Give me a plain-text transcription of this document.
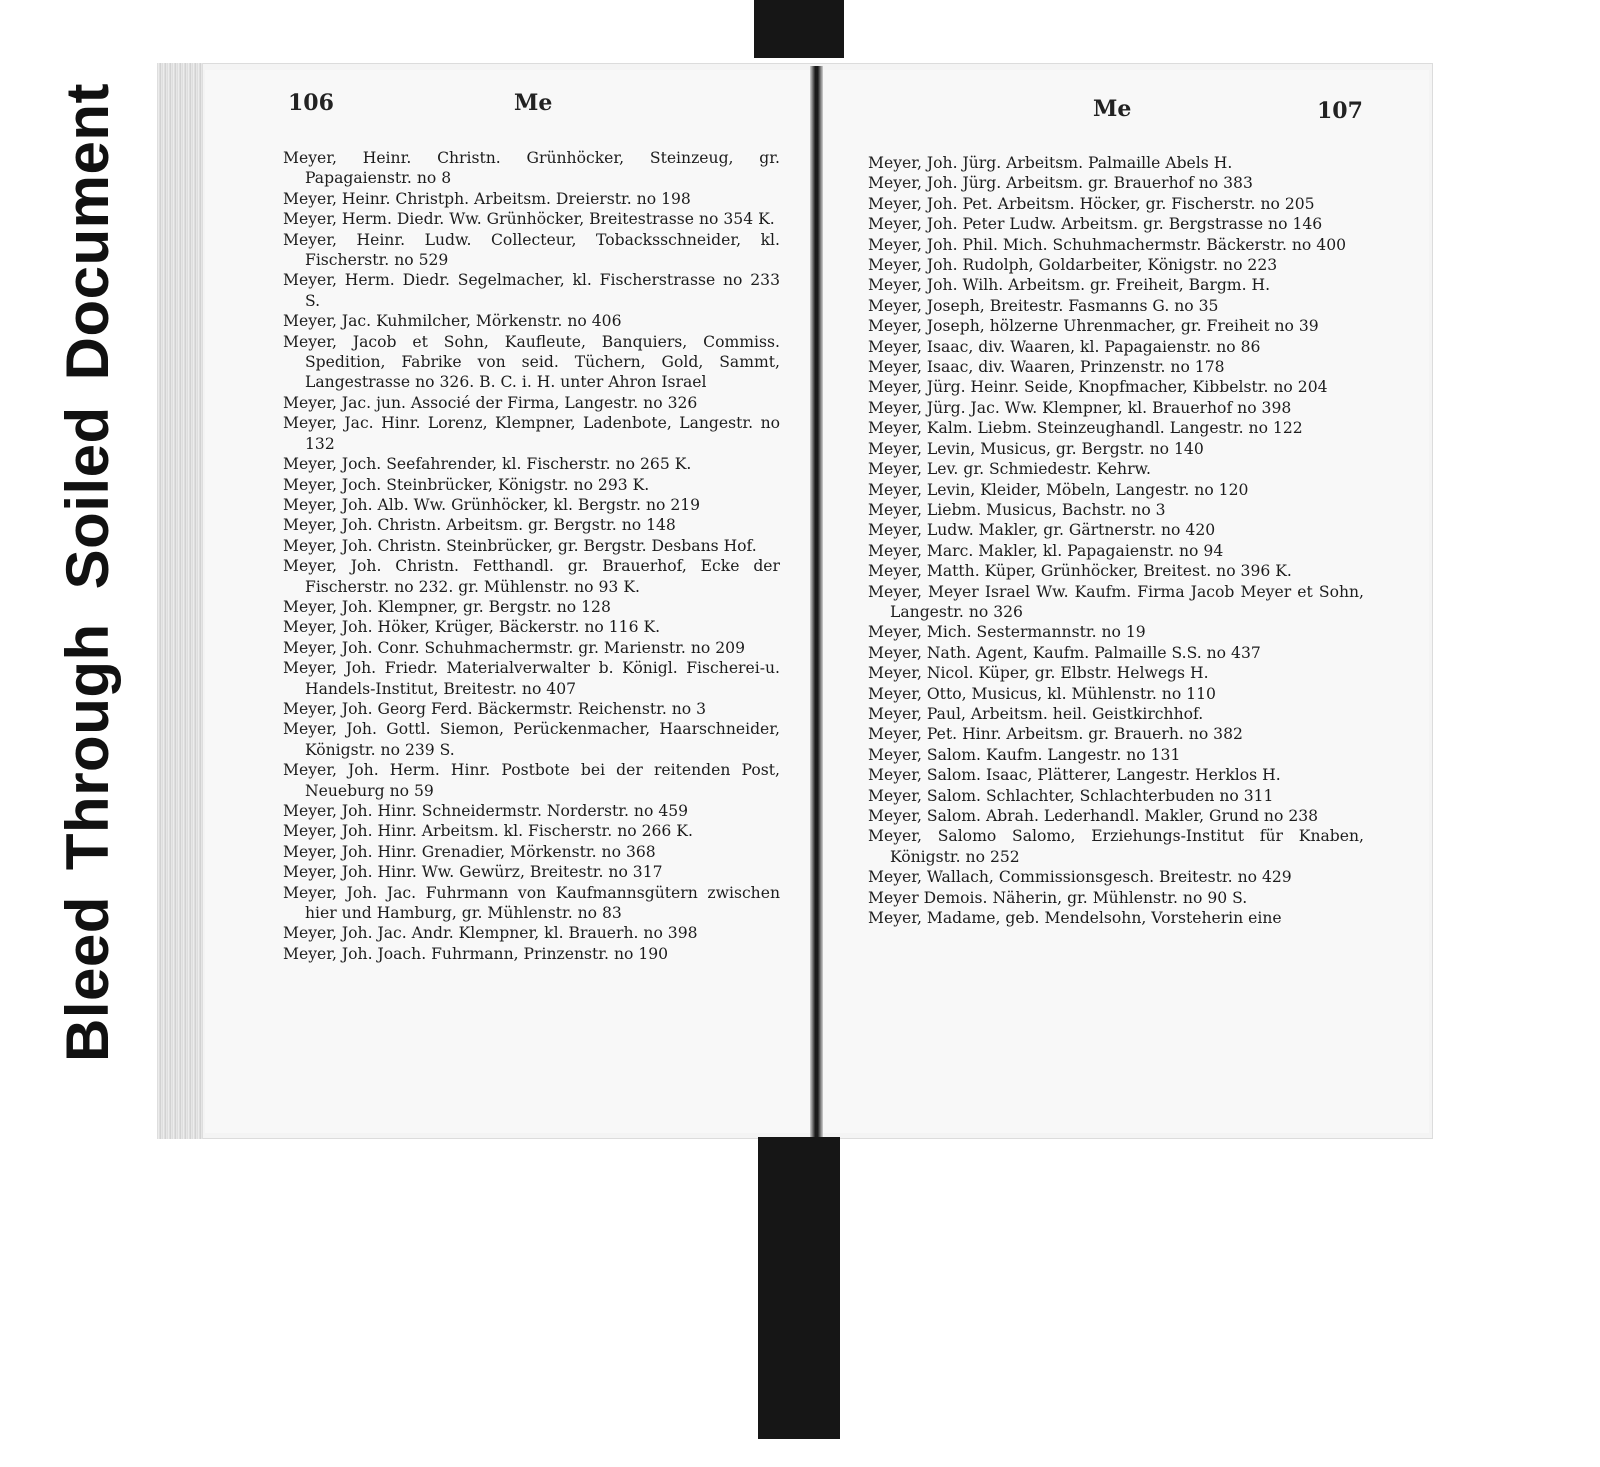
BleedThroughSoiledDocument	106	Me	Me	107
Meyer, Heinr. Christn. Grünhöcker, Steinzeug, gr. Papagaienstr. no 8
Meyer, Heinr. Christph. Arbeitsm. Dreierstr. no 198
Meyer, Herm. Diedr. Ww. Grünhöcker, Breitestrasse no 354 K.
Meyer, Heinr. Ludw. Collecteur, Tobacksschneider, kl. Fischerstr. no 529
Meyer, Herm. Diedr. Segelmacher, kl. Fischerstrasse no 233 S.
Meyer, Jac. Kuhmilcher, Mörkenstr. no 406
Meyer, Jacob et Sohn, Kaufleute, Banquiers, Commiss. Spedition, Fabrike von seid. Tüchern, Gold, Sammt, Langestrasse no 326. B. C. i. H. unter Ahron Israel
Meyer, Jac. jun. Associé der Firma, Langestr. no 326
Meyer, Jac. Hinr. Lorenz, Klempner, Ladenbote, Langestr. no 132
Meyer, Joch. Seefahrender, kl. Fischerstr. no 265 K.
Meyer, Joch. Steinbrücker, Königstr. no 293 K.
Meyer, Joh. Alb. Ww. Grünhöcker, kl. Bergstr. no 219
Meyer, Joh. Christn. Arbeitsm. gr. Bergstr. no 148
Meyer, Joh. Christn. Steinbrücker, gr. Bergstr. Desbans Hof.
Meyer, Joh. Christn. Fetthandl. gr. Brauerhof, Ecke der Fischerstr. no 232. gr. Mühlenstr. no 93 K.
Meyer, Joh. Klempner, gr. Bergstr. no 128
Meyer, Joh. Höker, Krüger, Bäckerstr. no 116 K.
Meyer, Joh. Conr. Schuhmachermstr. gr. Marienstr. no 209
Meyer, Joh. Friedr. Materialverwalter b. Königl. Fischerei-u. Handels-Institut, Breitestr. no 407
Meyer, Joh. Georg Ferd. Bäckermstr. Reichenstr. no 3
Meyer, Joh. Gottl. Siemon, Perückenmacher, Haarschneider, Königstr. no 239 S.
Meyer, Joh. Herm. Hinr. Postbote bei der reitenden Post, Neueburg no 59
Meyer, Joh. Hinr. Schneidermstr. Norderstr. no 459
Meyer, Joh. Hinr. Arbeitsm. kl. Fischerstr. no 266 K.
Meyer, Joh. Hinr. Grenadier, Mörkenstr. no 368
Meyer, Joh. Hinr. Ww. Gewürz, Breitestr. no 317
Meyer, Joh. Jac. Fuhrmann von Kaufmannsgütern zwischen hier und Hamburg, gr. Mühlenstr. no 83
Meyer, Joh. Jac. Andr. Klempner, kl. Brauerh. no 398
Meyer, Joh. Joach. Fuhrmann, Prinzenstr. no 190
Meyer, Joh. Jürg. Arbeitsm. Palmaille Abels H.
Meyer, Joh. Jürg. Arbeitsm. gr. Brauerhof no 383
Meyer, Joh. Pet. Arbeitsm. Höcker, gr. Fischerstr. no 205
Meyer, Joh. Peter Ludw. Arbeitsm. gr. Bergstrasse no 146
Meyer, Joh. Phil. Mich. Schuhmachermstr. Bäckerstr. no 400
Meyer, Joh. Rudolph, Goldarbeiter, Königstr. no 223
Meyer, Joh. Wilh. Arbeitsm. gr. Freiheit, Bargm. H.
Meyer, Joseph, Breitestr. Fasmanns G. no 35
Meyer, Joseph, hölzerne Uhrenmacher, gr. Freiheit no 39
Meyer, Isaac, div. Waaren, kl. Papagaienstr. no 86
Meyer, Isaac, div. Waaren, Prinzenstr. no 178
Meyer, Jürg. Heinr. Seide, Knopfmacher, Kibbelstr. no 204
Meyer, Jürg. Jac. Ww. Klempner, kl. Brauerhof no 398
Meyer, Kalm. Liebm. Steinzeughandl. Langestr. no 122
Meyer, Levin, Musicus, gr. Bergstr. no 140
Meyer, Lev. gr. Schmiedestr. Kehrw.
Meyer, Levin, Kleider, Möbeln, Langestr. no 120
Meyer, Liebm. Musicus, Bachstr. no 3
Meyer, Ludw. Makler, gr. Gärtnerstr. no 420
Meyer, Marc. Makler, kl. Papagaienstr. no 94
Meyer, Matth. Küper, Grünhöcker, Breitest. no 396 K.
Meyer, Meyer Israel Ww. Kaufm. Firma Jacob Meyer et Sohn, Langestr. no 326
Meyer, Mich. Sestermannstr. no 19
Meyer, Nath. Agent, Kaufm. Palmaille S.S. no 437
Meyer, Nicol. Küper, gr. Elbstr. Helwegs H.
Meyer, Otto, Musicus, kl. Mühlenstr. no 110
Meyer, Paul, Arbeitsm. heil. Geistkirchhof.
Meyer, Pet. Hinr. Arbeitsm. gr. Brauerh. no 382
Meyer, Salom. Kaufm. Langestr. no 131
Meyer, Salom. Isaac, Plätterer, Langestr. Herklos H.
Meyer, Salom. Schlachter, Schlachterbuden no 311
Meyer, Salom. Abrah. Lederhandl. Makler, Grund no 238
Meyer, Salomo Salomo, Erziehungs-Institut für Knaben, Königstr. no 252
Meyer, Wallach, Commissionsgesch. Breitestr. no 429
Meyer Demois. Näherin, gr. Mühlenstr. no 90 S.
Meyer, Madame, geb. Mendelsohn, Vorsteherin eine
